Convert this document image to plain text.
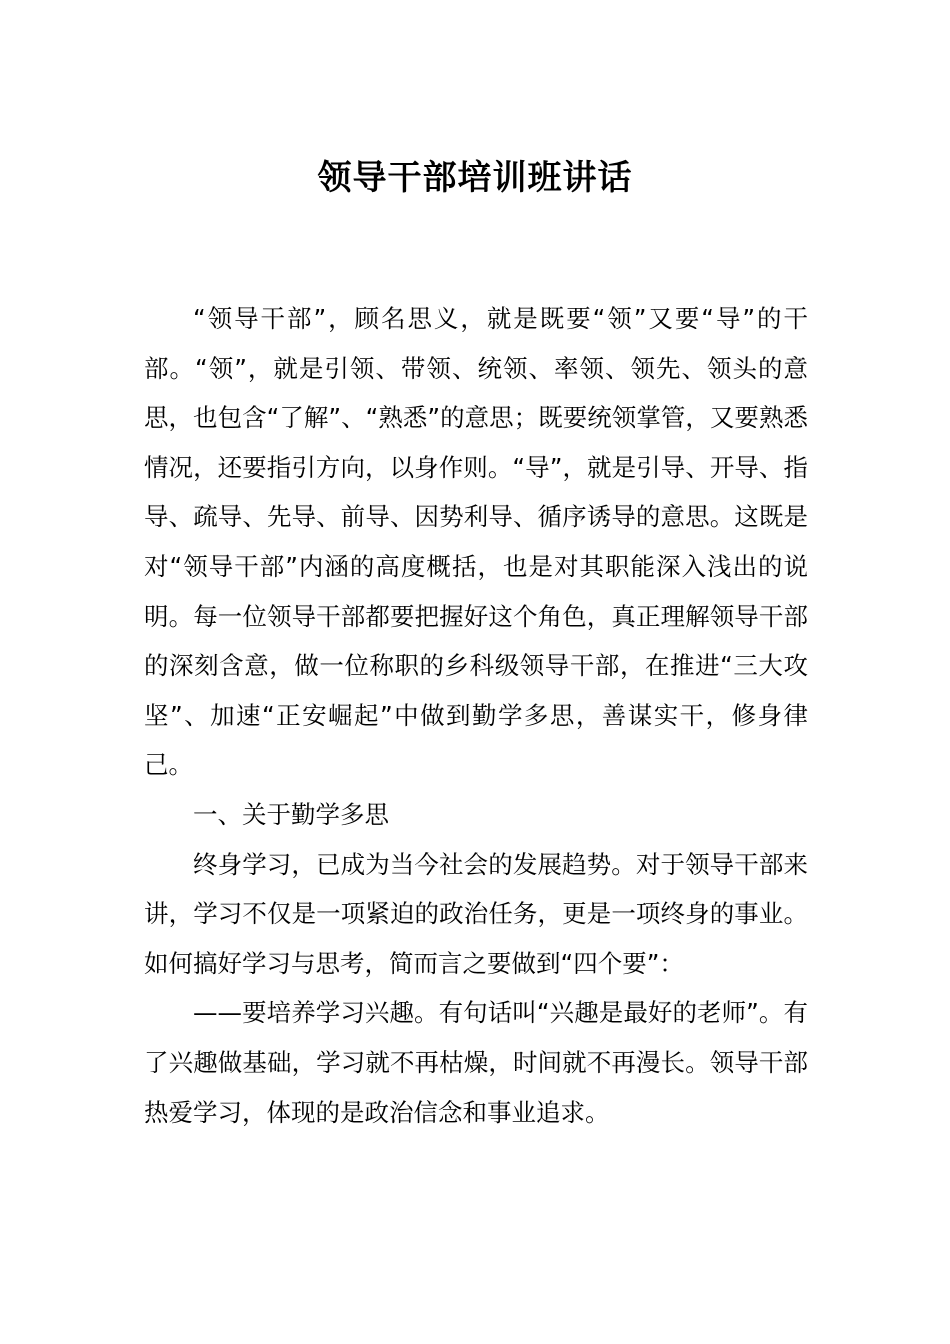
领导干部培训班讲话

“领导干部”，顾名思义，就是既要“领”又要“导”的干部。“领”，就是引领、带领、统领、率领、领先、领头的意思，也包含“了解”、“熟悉”的意思；既要统领掌管，又要熟悉情况，还要指引方向，以身作则。“导”，就是引导、开导、指导、疏导、先导、前导、因势利导、循序诱导的意思。这既是对“领导干部”内涵的高度概括，也是对其职能深入浅出的说明。每一位领导干部都要把握好这个角色，真正理解领导干部的深刻含意，做一位称职的乡科级领导干部，在推进“三大攻坚”、加速“正安崛起”中做到勤学多思，善谋实干，修身律己。

一、关于勤学多思

终身学习，已成为当今社会的发展趋势。对于领导干部来讲，学习不仅是一项紧迫的政治任务，更是一项终身的事业。如何搞好学习与思考，简而言之要做到“四个要”：

——要培养学习兴趣。有句话叫“兴趣是最好的老师”。有了兴趣做基础，学习就不再枯燥，时间就不再漫长。领导干部热爱学习，体现的是政治信念和事业追求。
